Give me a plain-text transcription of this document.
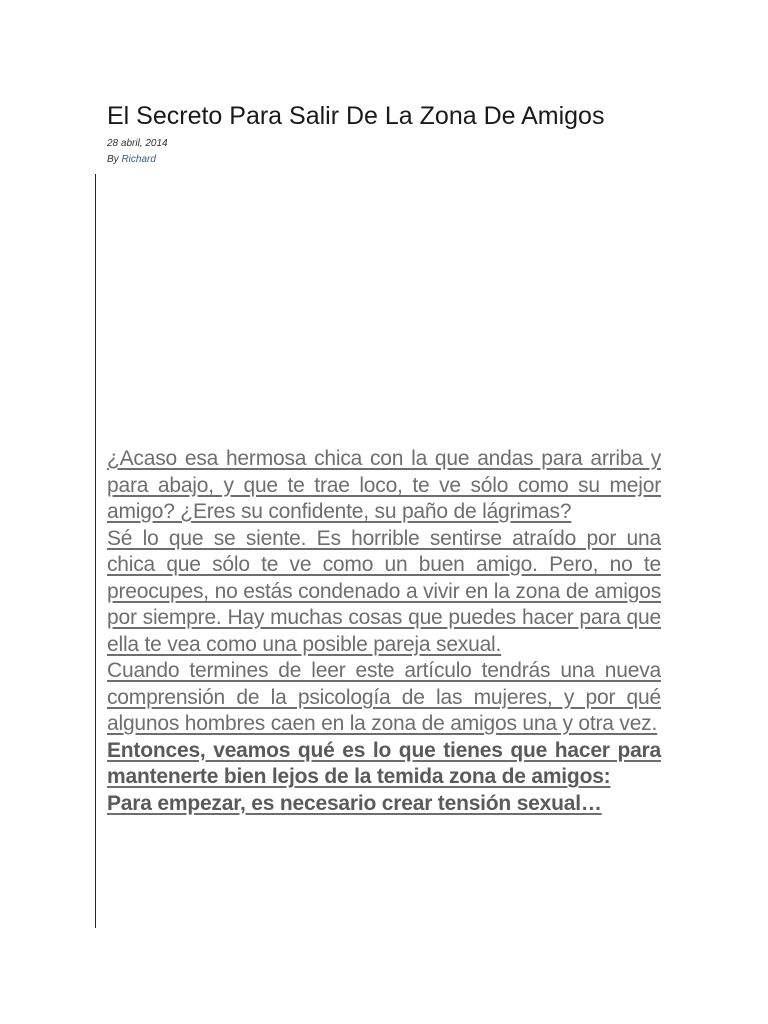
El Secreto Para Salir De La Zona De Amigos
28 abril, 2014
By Richard

¿Acaso esa hermosa chica con la que andas para arriba y para abajo, y que te trae loco, te ve sólo como su mejor amigo? ¿Eres su confidente, su paño de lágrimas?

Sé lo que se siente. Es horrible sentirse atraído por una chica que sólo te ve como un buen amigo. Pero, no te preocupes, no estás condenado a vivir en la zona de amigos por siempre. Hay muchas cosas que puedes hacer para que ella te vea como una posible pareja sexual.

Cuando termines de leer este artículo tendrás una nueva comprensión de la psicología de las mujeres, y por qué algunos hombres caen en la zona de amigos una y otra vez.

Entonces, veamos qué es lo que tienes que hacer para mantenerte bien lejos de la temida zona de amigos:

Para empezar, es necesario crear tensión sexual…
